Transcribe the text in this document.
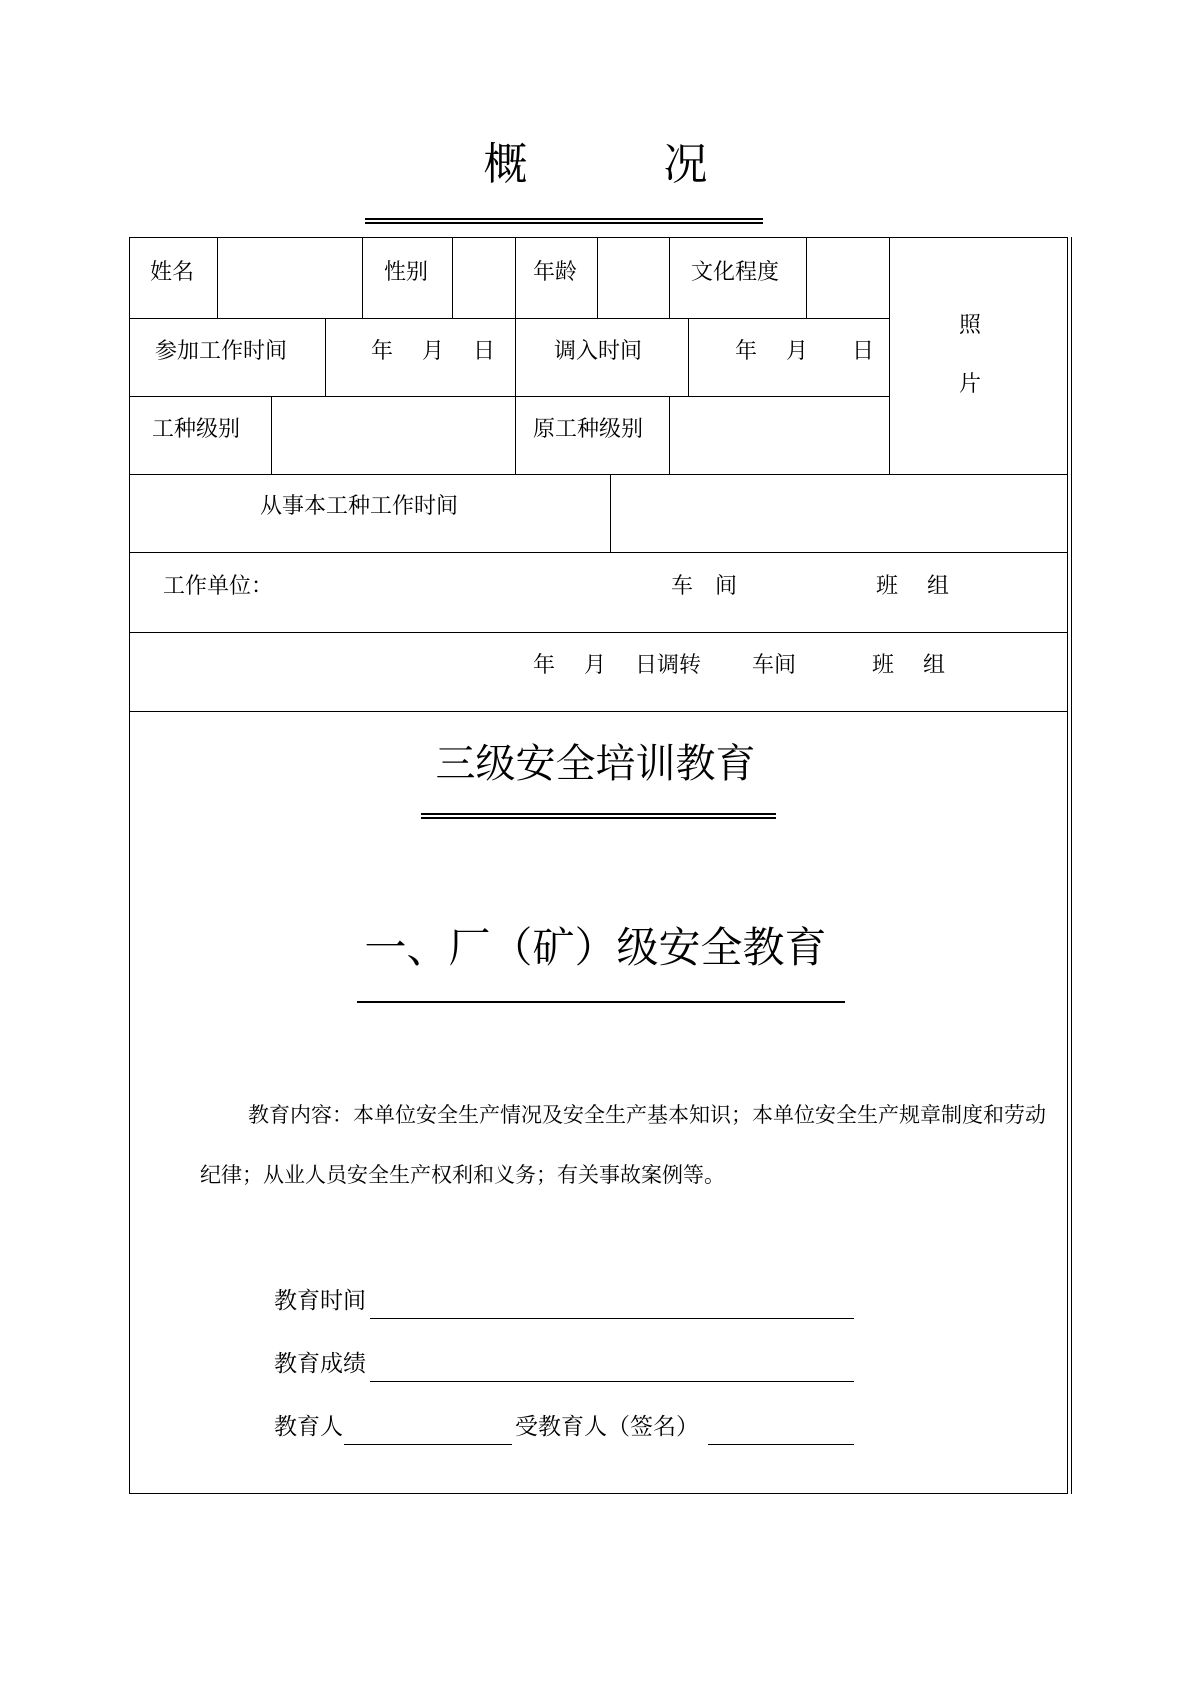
概	况
姓名	性别	年龄	文化程度
照
片
参加工作时间	年　 月　 日	调入时间	年　 月　　日
工种级别	原工种级别
从事本工种工作时间
工作单位：	车　间	班　 组
年　 月　 日调转 车间	班　 组
三级安全培训教育
一、厂（矿）级安全教育
教育内容：本单位安全生产情况及安全生产基本知识；本单位安全生产规章制度和劳动
纪律；从业人员安全生产权利和义务；有关事故案例等。
教育时间
教育成绩
教育人	受教育人（签名）
